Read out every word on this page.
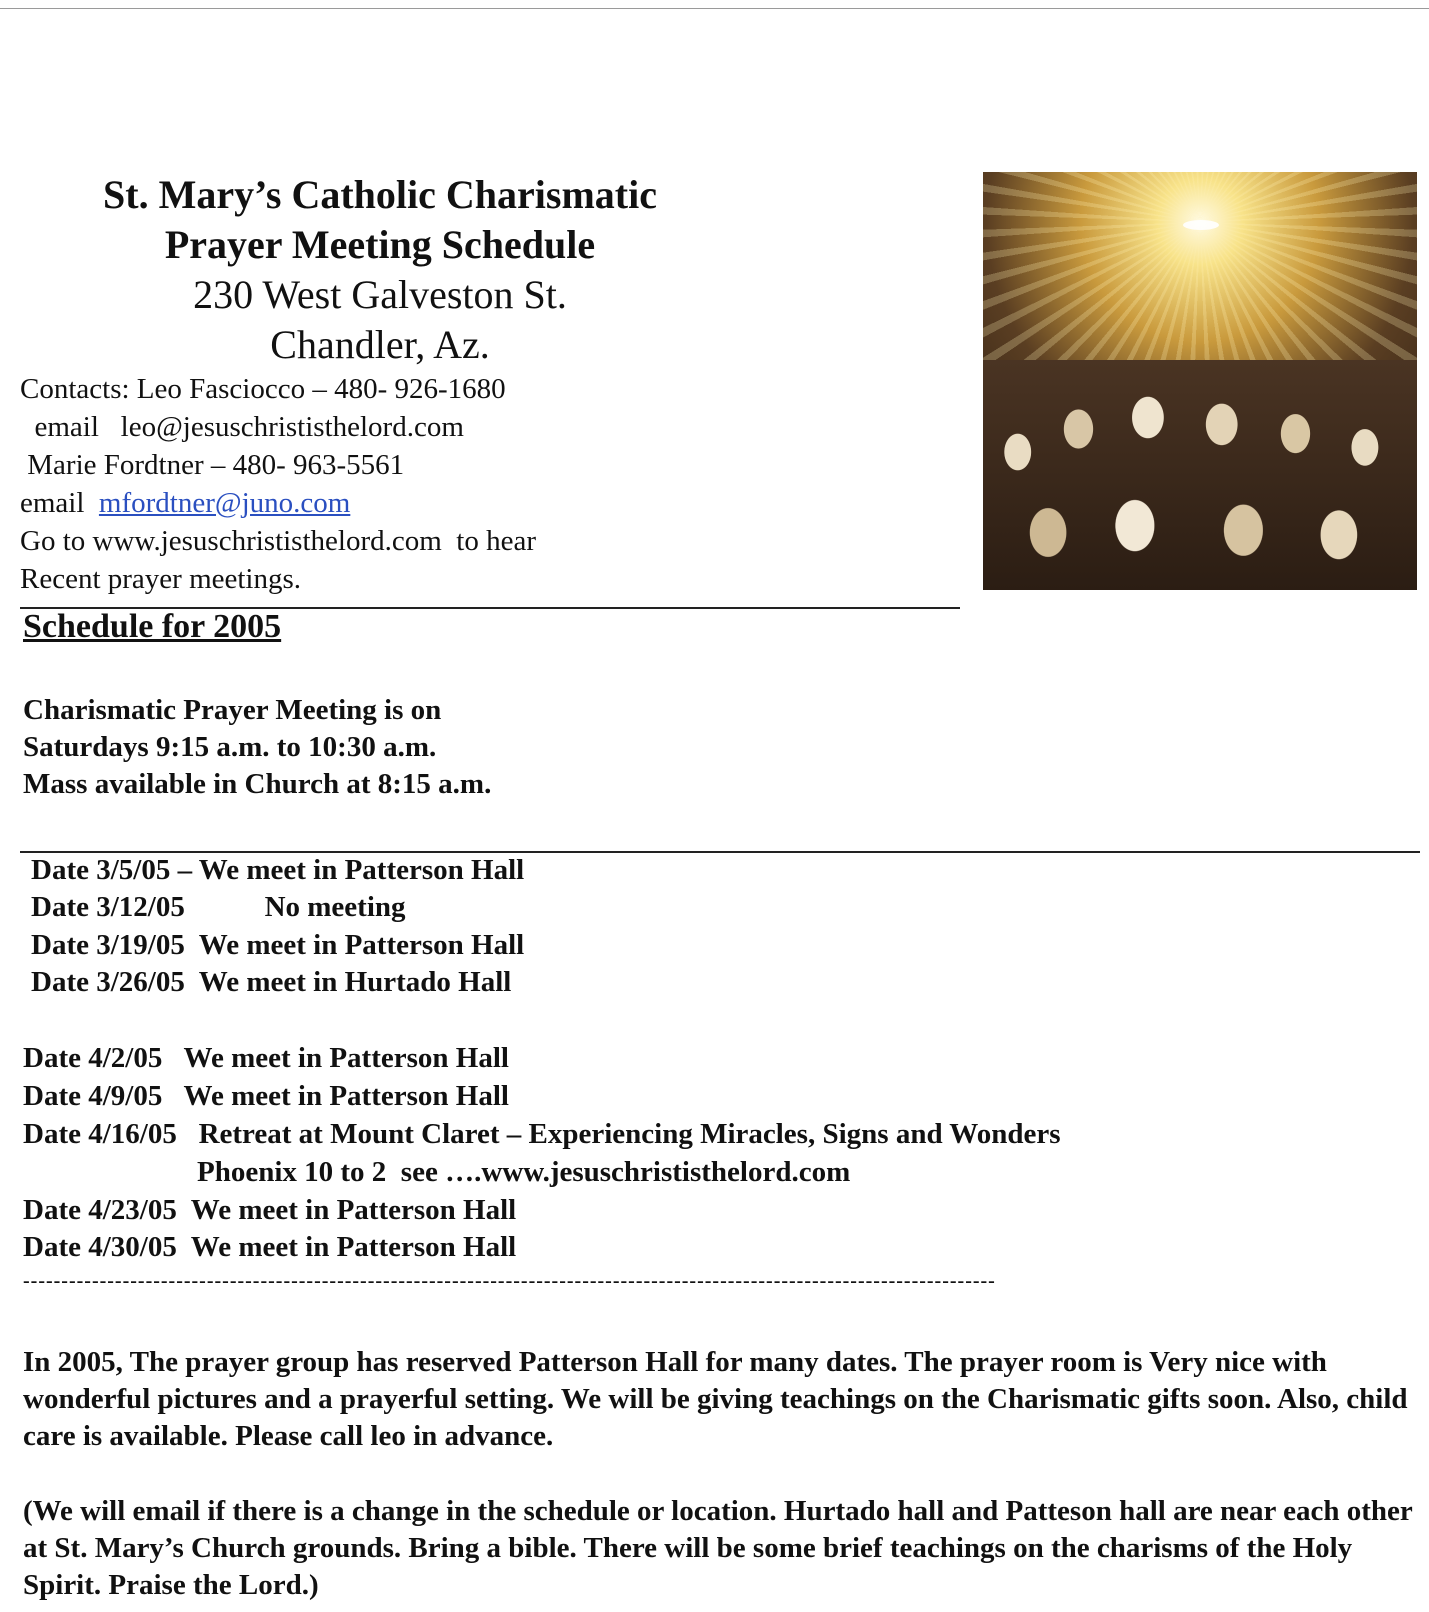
St. Mary’s Catholic Charismatic
Prayer Meeting Schedule
230 West Galveston St.
Chandler, Az.
Contacts: Leo Fasciocco – 480- 926-1680
email   leo@jesuschrististhelord.com
Marie Fordtner – 480- 963-5561
email  mfordtner@juno.com
Go to www.jesuschrististhelord.com  to hear
Recent prayer meetings.
Schedule for 2005
Charismatic Prayer Meeting is on
Saturdays 9:15 a.m. to 10:30 a.m.
Mass available in Church at 8:15 a.m.
Date 3/5/05 – We meet in Patterson Hall
Date 3/12/05           No meeting
Date 3/19/05  We meet in Patterson Hall
Date 3/26/05  We meet in Hurtado Hall
Date 4/2/05   We meet in Patterson Hall
Date 4/9/05   We meet in Patterson Hall
Date 4/16/05   Retreat at Mount Claret – Experiencing Miracles, Signs and Wonders
Phoenix 10 to 2  see ….www.jesuschrististhelord.com
Date 4/23/05  We meet in Patterson Hall
Date 4/30/05  We meet in Patterson Hall
-------------------------------------------------------------------------------------------------------------------------------
In 2005, The prayer group has reserved Patterson Hall for many dates. The prayer room is Very nice with wonderful pictures and a prayerful setting. We will be giving teachings on the Charismatic gifts soon. Also, child care is available. Please call leo in advance.
(We will email if there is a change in the schedule or location. Hurtado hall and Patteson hall are near each other at St. Mary’s Church grounds. Bring a bible. There will be some brief teachings on the charisms of the Holy Spirit. Praise the Lord.)
